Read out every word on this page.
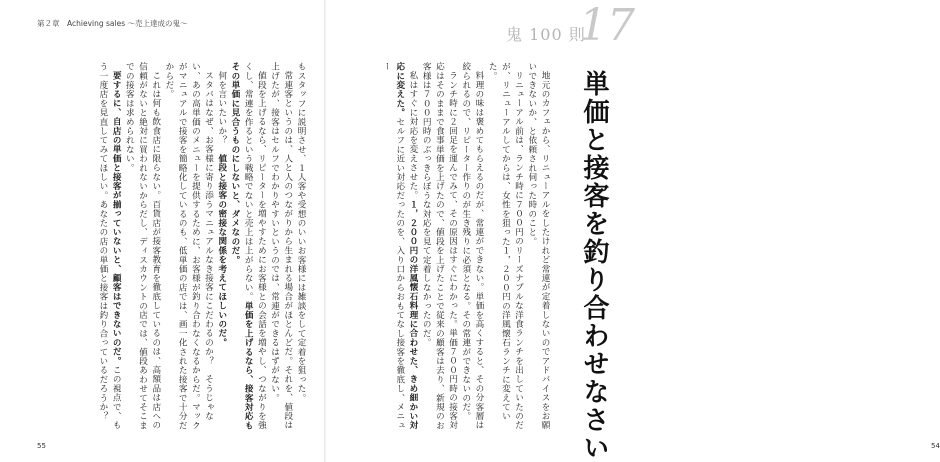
第２章　Achieving sales 〜売上達成の鬼〜

もスタッフに説明させ、１人客や受想のいいお客様には雑談をして定着を狙った。

常連客というのは、人と人のつながりから生まれる場合がほとんどだ。それを、値段は上げたが、接客はセルフでわかりやすいというのでは、常連ができるはずがない。

値段を上げるなら、リピーターを増やすためにお客様との会話を増やし、つながりを強くし、常連を作るという戦略でないと売上は上がらない。単価を上げるなら、接客対応もその単価に見合うものにしないと、ダメなのだ。

何を言いたいか？　値段と接客の密接な関係を考えてほしいのだ。

スタバはなぜ、お客様に寄り添うマニュアルなき接客にこだわるのか？　そうじゃない、あの高単価のメニューを提供するために、お客様が釣り合わなくなるからだ。マックがマニュアルで接客を簡略化しているのも、低単価の店では、画一化された接客で十分だからだ。

これは何も飲食店に限らない。百貨店が接客教育を徹底しているのは、高額品は店への信頼がないと絶対に買われないからだし、ディスカウントの店では、値段あわせてそこまでの接客は求められない。

要するに、自店の単価と接客が揃っていないと、顧客はできないのだ。この視点で、もう一度店を見直してみてほしい。あなたの店の単価と接客は釣り合っているだろうか？

55	54
鬼 100 則
17
単価と接客を釣り合わせなさい

地元のカフェから、リニューアルをしたけれど常連が定着しないのでアドバイスをお願いできないか、と依頼され伺った時のこと。

リニューアル前は、ランチ時に７００円のリーズナブルな洋食ランチを出していたのだが、リニューアルしてからは、女性を狙った１，２００円の洋風懐石ランチに変えていた。

料理の味は褒めてもらえるのだが、常連ができない。単価を高くすると、その分客層は絞られるので、リピーター作りのが生き残りに必須となる。その常連ができないのだ。

ランチ時に２回足を運んでみて、その原因はすぐにわかった。単価７００円時の接客対応はそのままで食事単価を上げたので、値段を上げたことで従来の顧客は去り、新規のお客様は７００円時のぶっきらぼうな対応を見て定着しなかったのだ。

私はすぐに対応を変えさせた。１，２００円の洋風懐石料理に合わせた、きめ細かい対応に変えた。セルフに近い対応だったのを、入り口からおもてなし接客を徹底し、メニュー
